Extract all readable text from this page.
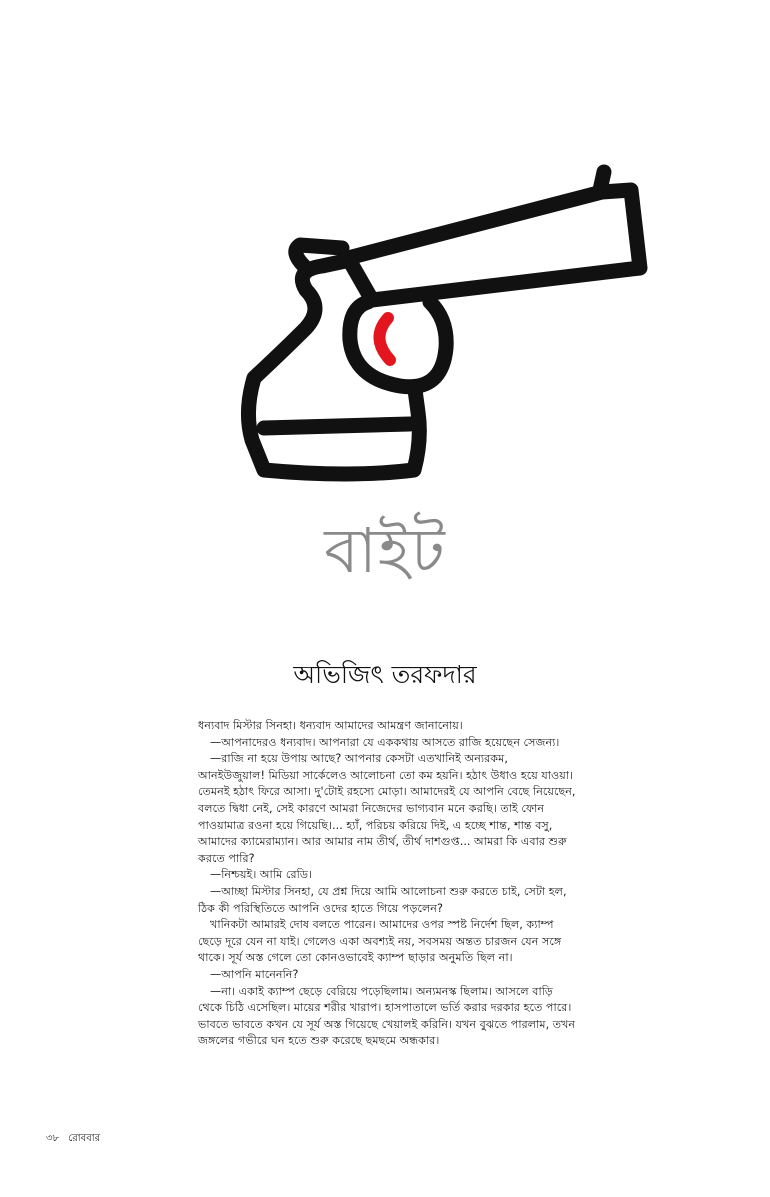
বাইট
অভিজিৎ তরফদার

ধন্যবাদ মিস্টার সিনহা। ধন্যবাদ আমাদের আমন্ত্রণ জানানোয়।

—আপনাদেরও ধন্যবাদ। আপনারা যে এককথায় আসতে রাজি হয়েছেন সেজন্য।

—রাজি না হয়ে উপায় আছে? আপনার কেসটা এতখানিই অন্যরকম, আনইউজুয়াল! মিডিয়া সার্কেলেও আলোচনা তো কম হয়নি। হঠাৎ উধাও হয়ে যাওয়া। তেমনই হঠাৎ ফিরে আসা। দু'টোই রহস্যে মোড়া। আমাদেরই যে আপনি বেছে নিয়েছেন, বলতে দ্বিধা নেই, সেই কারণে আমরা নিজেদের ভাগ্যবান মনে করছি। তাই ফোন পাওয়ামাত্র রওনা হয়ে গিয়েছি।... হ্যাঁ, পরিচয় করিয়ে দিই, এ হচ্ছে শান্ত, শান্ত বসু, আমাদের ক্যামেরাম্যান। আর আমার নাম তীর্থ, তীর্থ দাশগুপ্ত... আমরা কি এবার শুরু করতে পারি?

—নিশ্চয়ই। আমি রেডি।

—আচ্ছা মিস্টার সিনহা, যে প্রশ্ন দিয়ে আমি আলোচনা শুরু করতে চাই, সেটা হল, ঠিক কী পরিস্থিতিতে আপনি ওদের হাতে গিয়ে পড়লেন?

খানিকটা আমারই দোষ বলতে পারেন। আমাদের ওপর স্পষ্ট নির্দেশ ছিল, ক্যাম্প ছেড়ে দূরে যেন না যাই। গেলেও একা অবশ্যই নয়, সবসময় অন্তত চারজন যেন সঙ্গে থাকে। সূর্য অস্ত গেলে তো কোনওভাবেই ক্যাম্প ছাড়ার অনুমতি ছিল না।

—আপনি মানেননি?

—না। একাই ক্যাম্প ছেড়ে বেরিয়ে পড়েছিলাম। অন্যমনস্ক ছিলাম। আসলে বাড়ি থেকে চিঠি এসেছিল। মায়ের শরীর খারাপ। হাসপাতালে ভর্তি করার দরকার হতে পারে। ভাবতে ভাবতে কখন যে সূর্য অস্ত গিয়েছে খেয়ালই করিনি। যখন বুঝতে পারলাম, তখন জঙ্গলের গভীরে ঘন হতে শুরু করেছে ছমছমে অন্ধকার।

৩৮ রোববার
